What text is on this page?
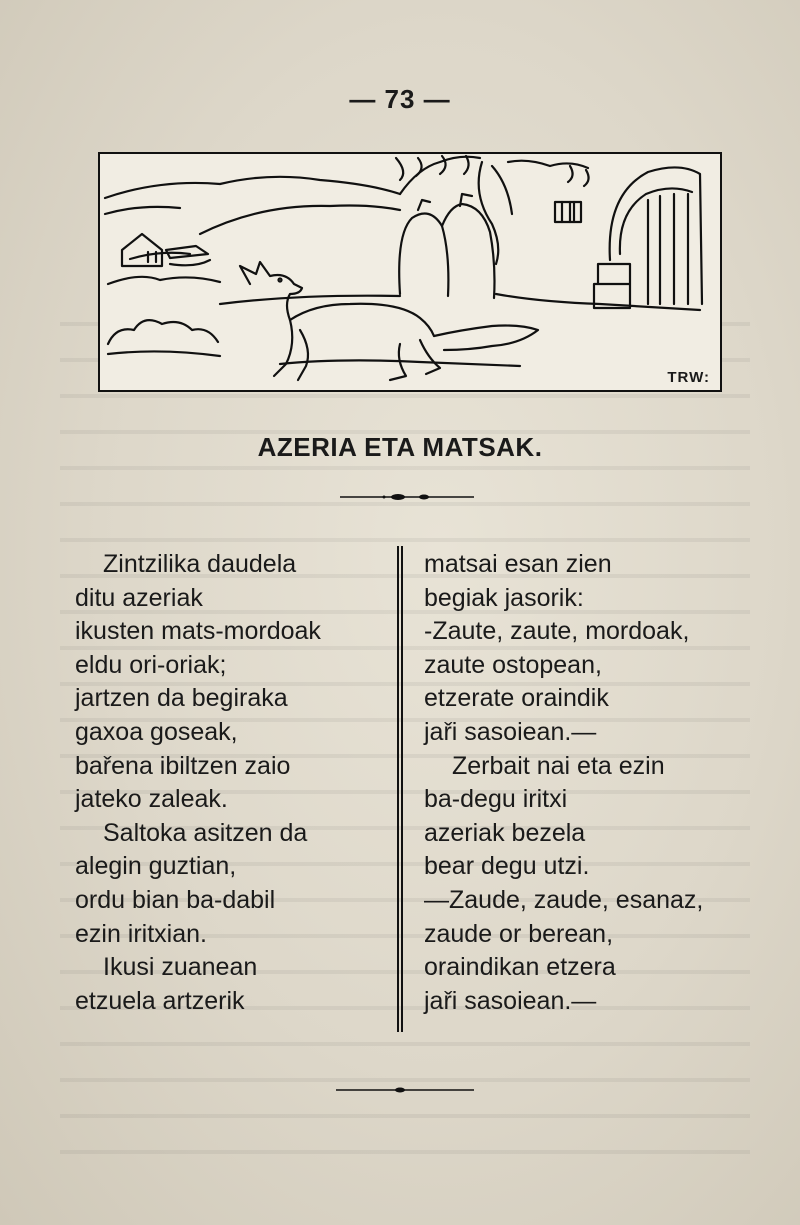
— 73 —
TRW:
AZERIA ETA MATSAK.
Zintzilika daudela
ditu azeriak
ikusten mats-mordoak
eldu ori-oriak;
jartzen da begiraka
gaxoa goseak,
bařena ibiltzen zaio
jateko zaleak.
Saltoka asitzen da
alegin guztian,
ordu bian ba-dabil
ezin iritxian.
Ikusi zuanean
etzuela artzerik
matsai esan zien
begiak jasorik:
-Zaute, zaute, mordoak,
zaute ostopean,
etzerate oraindik
jaři sasoiean.—
Zerbait nai eta ezin
ba-degu iritxi
azeriak bezela
bear degu utzi.
—Zaude, zaude, esanaz,
zaude or berean,
oraindikan etzera
jaři sasoiean.—
